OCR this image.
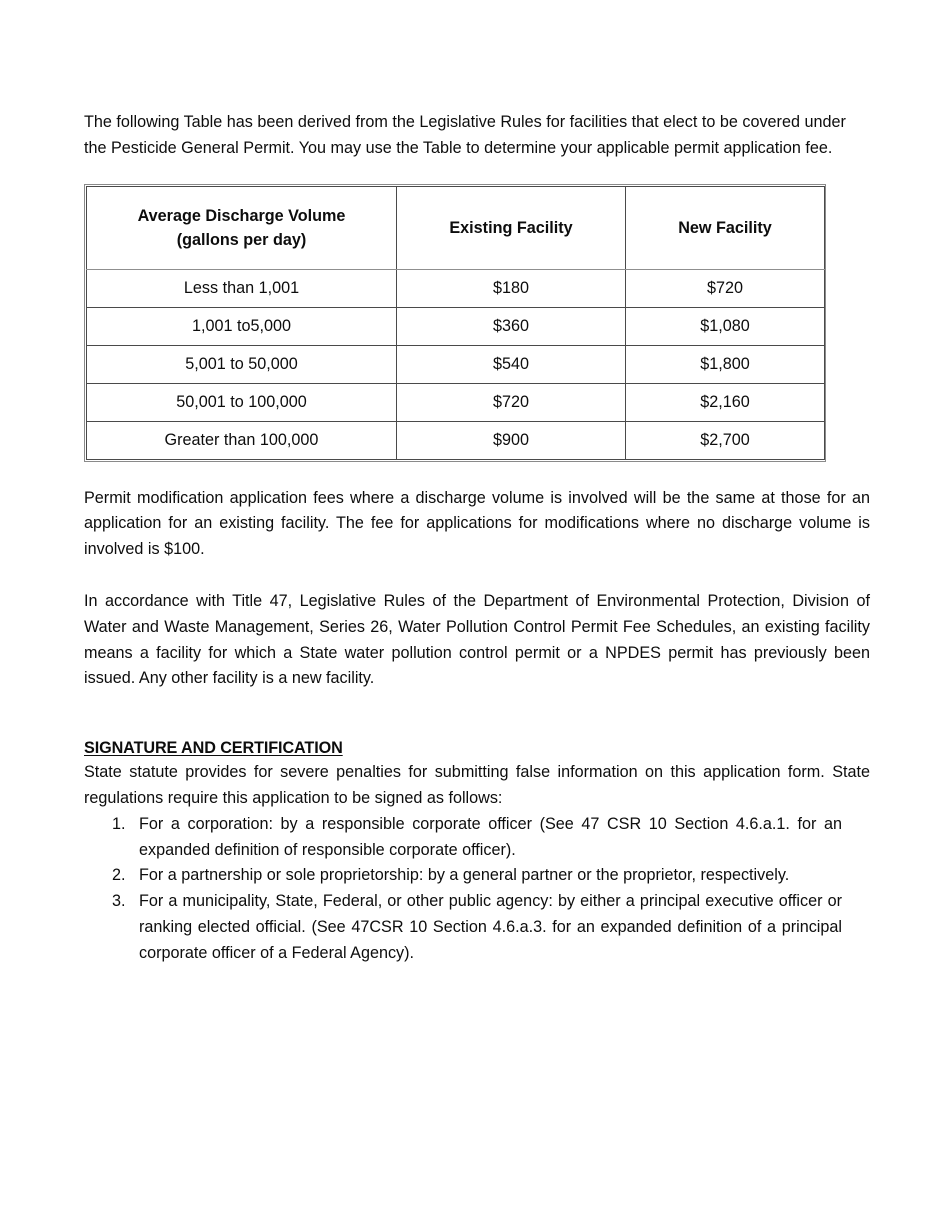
The following Table has been derived from the Legislative Rules for facilities that elect to be covered under the Pesticide General Permit. You may use the Table to determine your applicable permit application fee.

Average Discharge Volume
(gallons per day)	Existing Facility	New Facility
Less than 1,001	$180	$720
1,001 to5,000	$360	$1,080
5,001 to 50,000	$540	$1,800
50,001 to 100,000	$720	$2,160
Greater than 100,000	$900	$2,700

Permit modification application fees where a discharge volume is involved will be the same at those for an application for an existing facility. The fee for applications for modifications where no discharge volume is involved is $100.

In accordance with Title 47, Legislative Rules of the Department of Environmental Protection, Division of Water and Waste Management, Series 26, Water Pollution Control Permit Fee Schedules, an existing facility means a facility for which a State water pollution control permit or a NPDES permit has previously been issued. Any other facility is a new facility.

SIGNATURE AND CERTIFICATION

State statute provides for severe penalties for submitting false information on this application form. State regulations require this application to be signed as follows:

1. For a corporation: by a responsible corporate officer (See 47 CSR 10 Section 4.6.a.1. for an expanded definition of responsible corporate officer).
2. For a partnership or sole proprietorship: by a general partner or the proprietor, respectively.
3. For a municipality, State, Federal, or other public agency: by either a principal executive officer or ranking elected official. (See 47CSR 10 Section 4.6.a.3. for an expanded definition of a principal corporate officer of a Federal Agency).
